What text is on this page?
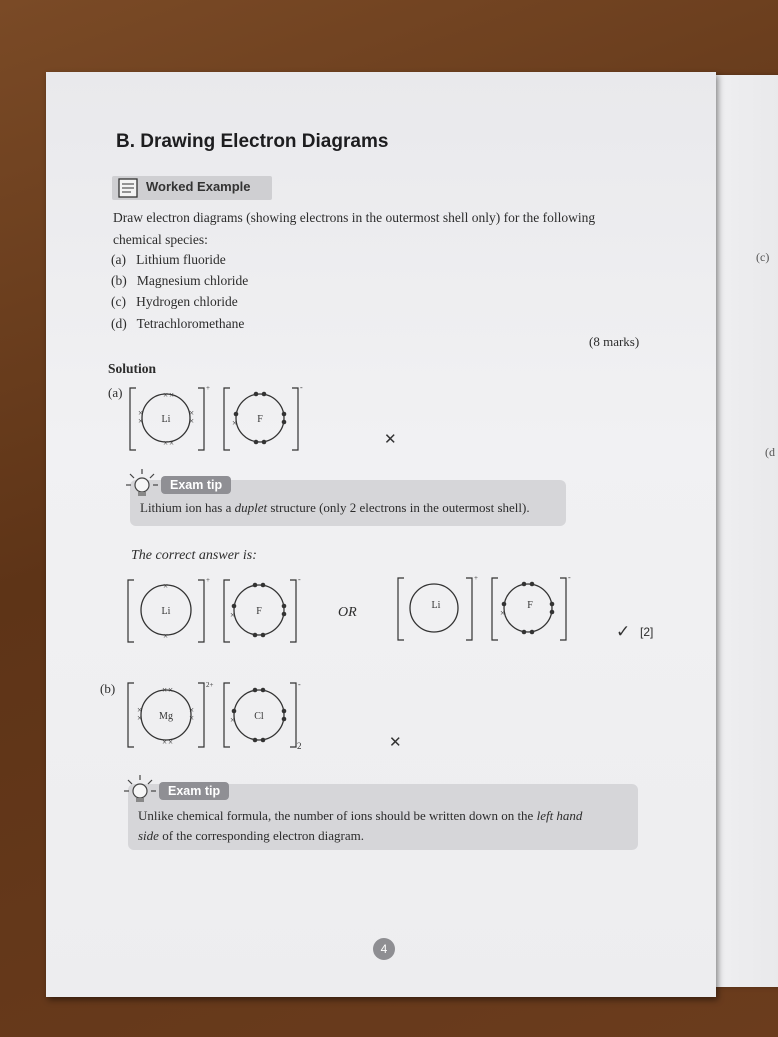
(c)
(d
B. Drawing Electron Diagrams
Worked Example
Draw electron diagrams (showing electrons in the outermost shell only) for the following
chemical species:
(a) Lithium fluoride
(b) Magnesium chloride
(c) Hydrogen chloride
(d) Tetrachloromethane
(8 marks)
Solution
(a)
Li
× ×
× ×
×
×
×
×
+
F
×
-
✕
Exam tip
Lithium ion has a duplet structure (only 2 electrons in the outermost shell).
The correct answer is:
Li
×
×
+
F
×
-
OR	Li
+
F
×
-
✓ [2]
(b)
Mg
× ×
× ×
×
×
×
×
2+
Cl
×
-
2	✕
Exam tip
Unlike chemical formula, the number of ions should be written down on the left hand
side of the corresponding electron diagram.
4
